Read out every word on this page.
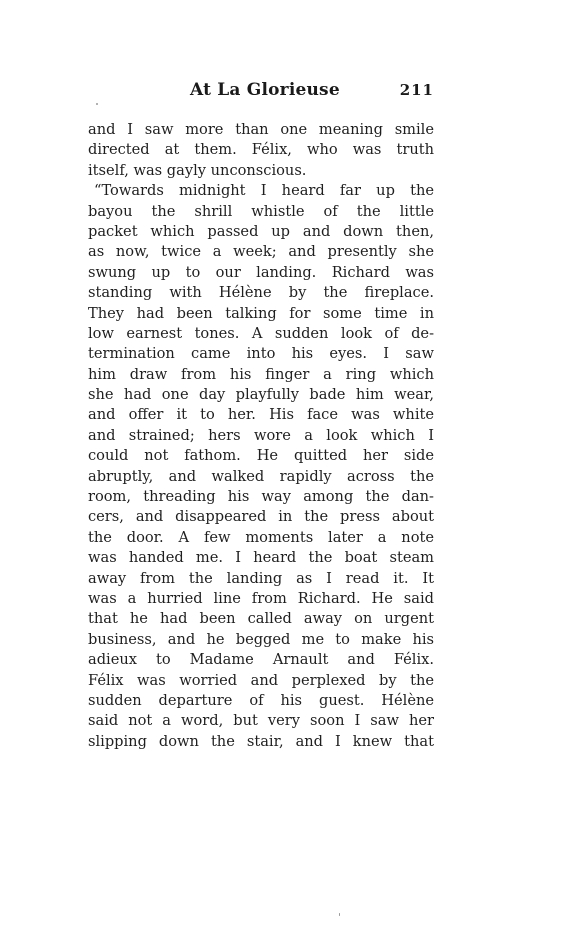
At La Glorieuse	211
and I saw more than one meaning smile
directed at them. Félix, who was truth
itself, was gayly unconscious.
“Towards midnight I heard far up the
bayou the shrill whistle of the little
packet which passed up and down then,
as now, twice a week; and presently she
swung up to our landing. Richard was
standing with Hélène by the fireplace.
They had been talking for some time in
low earnest tones. A sudden look of de-
termination came into his eyes. I saw
him draw from his finger a ring which
she had one day playfully bade him wear,
and offer it to her. His face was white
and strained; hers wore a look which I
could not fathom. He quitted her side
abruptly, and walked rapidly across the
room, threading his way among the dan-
cers, and disappeared in the press about
the door. A few moments later a note
was handed me. I heard the boat steam
away from the landing as I read it. It
was a hurried line from Richard. He said
that he had been called away on urgent
business, and he begged me to make his
adieux to Madame Arnault and Félix.
Félix was worried and perplexed by the
sudden departure of his guest. Hélène
said not a word, but very soon I saw her
slipping down the stair, and I knew that
